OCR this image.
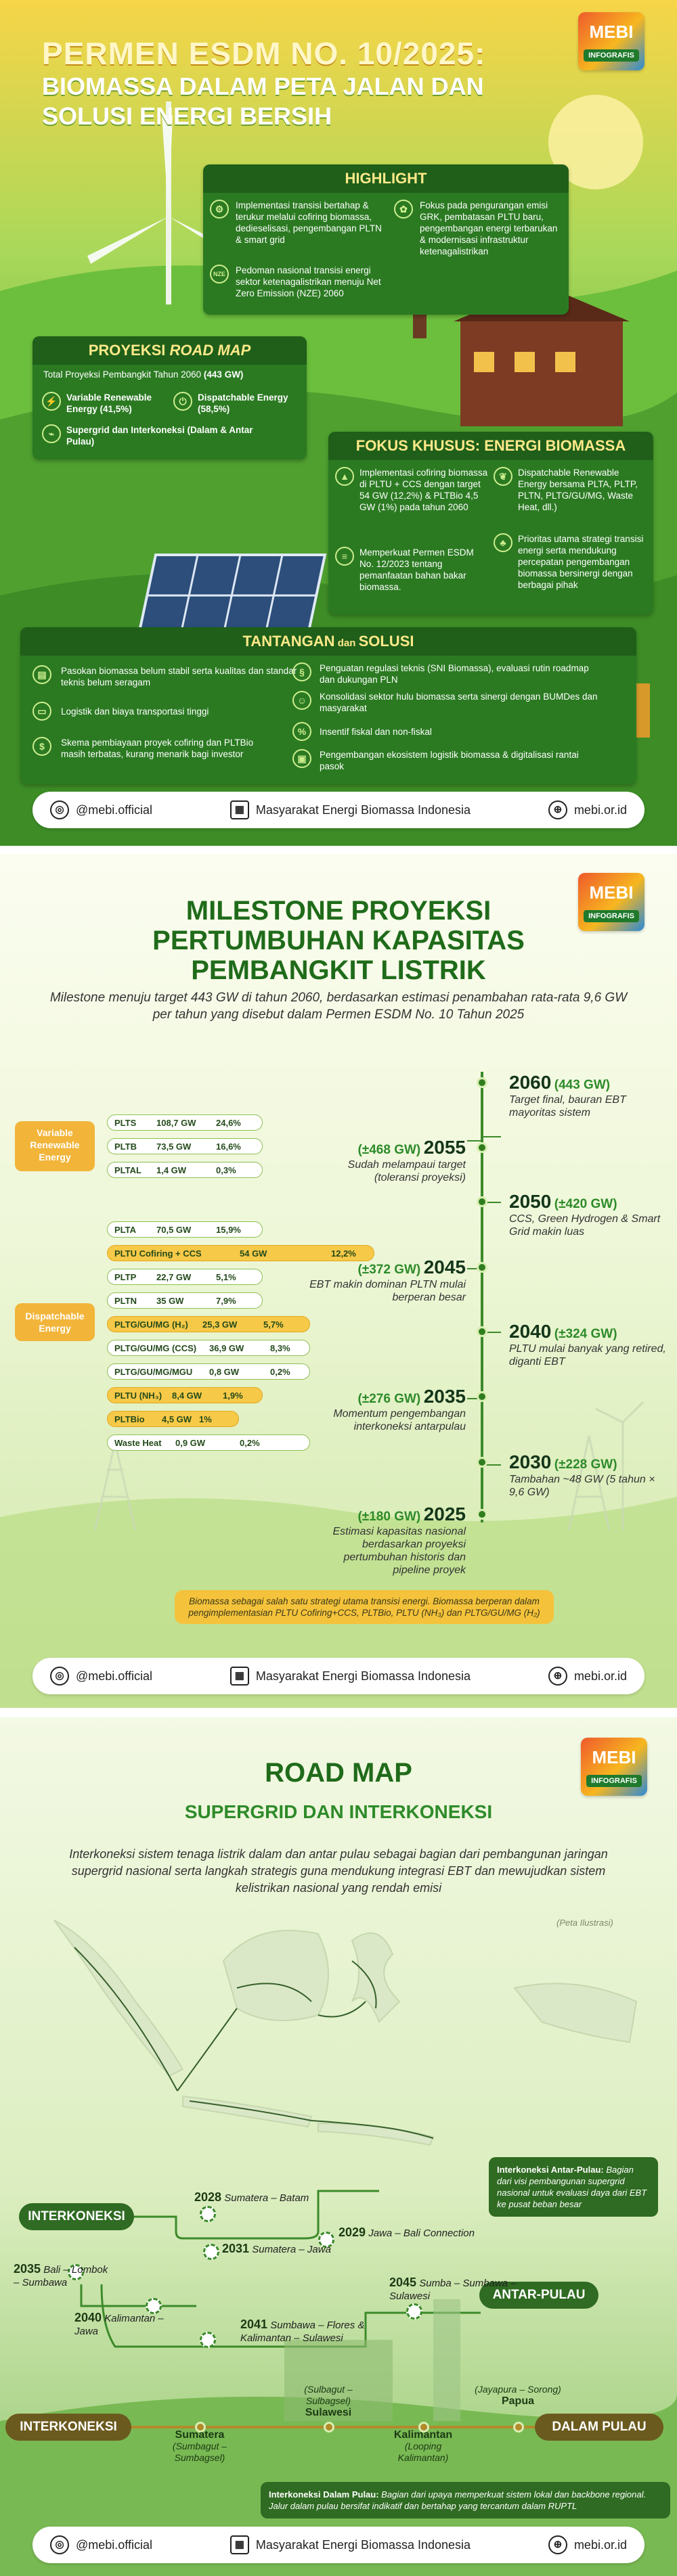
PERMEN ESDM NO. 10/2025:
BIOMASSA DALAM PETA JALAN DAN SOLUSI ENERGI BERSIH
MEBI
INFOGRAFIS
HIGHLIGHT
⚙	Implementasi transisi bertahap & terukur melalui cofiring biomassa, dedieselisasi, pengembangan PLTN & smart grid
✿	Fokus pada pengurangan emisi GRK, pembatasan PLTU baru, pengembangan energi terbarukan & modernisasi infrastruktur ketenagalistrikan
NZE	Pedoman nasional transisi energi sektor ketenagalistrikan menuju Net Zero Emission (NZE) 2060
PROYEKSI ROAD MAP
Total Proyeksi Pembangkit Tahun 2060 (443 GW)
⚡ Variable Renewable Energy (41,5%)
⏻	Dispatchable Energy (58,5%)
⌁	Supergrid dan Interkoneksi (Dalam & Antar Pulau)	FOKUS KHUSUS: ENERGI BIOMASSA
▲	Implementasi cofiring biomassa di PLTU + CCS dengan target 54 GW (12,2%) & PLTBio 4,5 GW (1%) pada tahun 2060
❦	Dispatchable Renewable Energy bersama PLTA, PLTP, PLTN, PLTG/GU/MG, Waste Heat, dll.)
≡	Memperkuat Permen ESDM No. 12/2023 tentang pemanfaatan bahan bakar biomassa.
♣	Prioritas utama strategi transisi energi serta mendukung percepatan pengembangan biomassa bersinergi dengan berbagai pihak
TANTANGAN dan SOLUSI
▤	Pasokan biomassa belum stabil serta kualitas dan standar teknis belum seragam
▭	Logistik dan biaya transportasi tinggi
$	Skema pembiayaan proyek cofiring dan PLTBio masih terbatas, kurang menarik bagi investor
§	Penguatan regulasi teknis (SNI Biomassa), evaluasi rutin roadmap dan dukungan PLN
☺	Konsolidasi sektor hulu biomassa serta sinergi dengan BUMDes dan masyarakat
%	Insentif fiskal dan non-fiskal
▣	Pengembangan ekosistem logistik biomassa & digitalisasi rantai pasok
◎ @mebi.official	▦ Masyarakat Energi Biomassa Indonesia	⊕ mebi.or.id
MEBI
INFOGRAFIS
MILESTONE PROYEKSI
PERTUMBUHAN KAPASITAS
PEMBANGKIT LISTRIK
Milestone menuju target 443 GW di tahun 2060, berdasarkan estimasi penambahan rata-rata 9,6 GW per tahun yang disebut dalam Permen ESDM No. 10 Tahun 2025
Variable Renewable Energy
Dispatchable Energy
PLTS 108,7 GW 24,6%
PLTB 73,5 GW	16,6%
PLTAL 1,4 GW	0,3%
PLTA 70,5 GW	15,9%
PLTU Cofiring + CCS	54 GW	12,2%
PLTP 22,7 GW	5,1%
PLTN 35 GW	7,9%
PLTG/GU/MG (H₂) 25,3 GW	5,7%
PLTG/GU/MG (CCS) 36,9 GW	8,3%
PLTG/GU/MG/MGU 0,8 GW	0,2%
PLTU (NH₃) 8,4 GW 1,9%
PLTBio 4,5 GW 1%
Waste Heat 0,9 GW	0,2%
2060 (443 GW)
Target final, bauran EBT mayoritas sistem
(±468 GW) 2055
Sudah melampaui target (toleransi proyeksi)
2050 (±420 GW)
CCS, Green Hydrogen & Smart Grid makin luas
(±372 GW) 2045
EBT makin dominan PLTN mulai berperan besar
2040 (±324 GW)
PLTU mulai banyak yang retired, diganti EBT
(±276 GW) 2035
Momentum pengembangan interkoneksi antarpulau
2030 (±228 GW)
Tambahan ~48 GW (5 tahun × 9,6 GW)
(±180 GW) 2025
Estimasi kapasitas nasional berdasarkan proyeksi pertumbuhan historis dan pipeline proyek
Biomassa sebagai salah satu strategi utama transisi energi. Biomassa berperan dalam pengimplementasian PLTU Cofiring+CCS, PLTBio, PLTU (NH₃) dan PLTG/GU/MG (H₂)
◎ @mebi.official	▦ Masyarakat Energi Biomassa Indonesia	⊕ mebi.or.id
MEBI
INFOGRAFIS
ROAD MAP
SUPERGRID DAN INTERKONEKSI
Interkoneksi sistem tenaga listrik dalam dan antar pulau sebagai bagian dari pembangunan jaringan supergrid nasional serta langkah strategis guna mendukung integrasi EBT dan mewujudkan sistem kelistrikan nasional yang rendah emisi
(Peta Ilustrasi)
INTERKONEKSI
ANTAR-PULAU
2028 Sumatera – Batam
2029 Jawa – Bali Connection
2031 Sumatera – Jawa
2035 Bali – Lombok – Sumbawa
2040 Kalimantan – Jawa
2041 Sumbawa – Flores & Kalimantan – Sulawesi
2045 Sumba – Sumbawa – Sulawesi
Interkoneksi Antar-Pulau: Bagian dari visi pembangunan supergrid nasional untuk evaluasi daya dari EBT ke pusat beban besar
INTERKONEKSI	DALAM PULAU
Sumatera
(Sumbagut – Sumbagsel)
(Sulbagut – Sulbagsel)
Sulawesi
Kalimantan
(Looping Kalimantan)
(Jayapura – Sorong)
Papua
Interkoneksi Dalam Pulau: Bagian dari upaya memperkuat sistem lokal dan backbone regional. Jalur dalam pulau bersifat indikatif dan bertahap yang tercantum dalam RUPTL
◎ @mebi.official	▦ Masyarakat Energi Biomassa Indonesia	⊕ mebi.or.id
